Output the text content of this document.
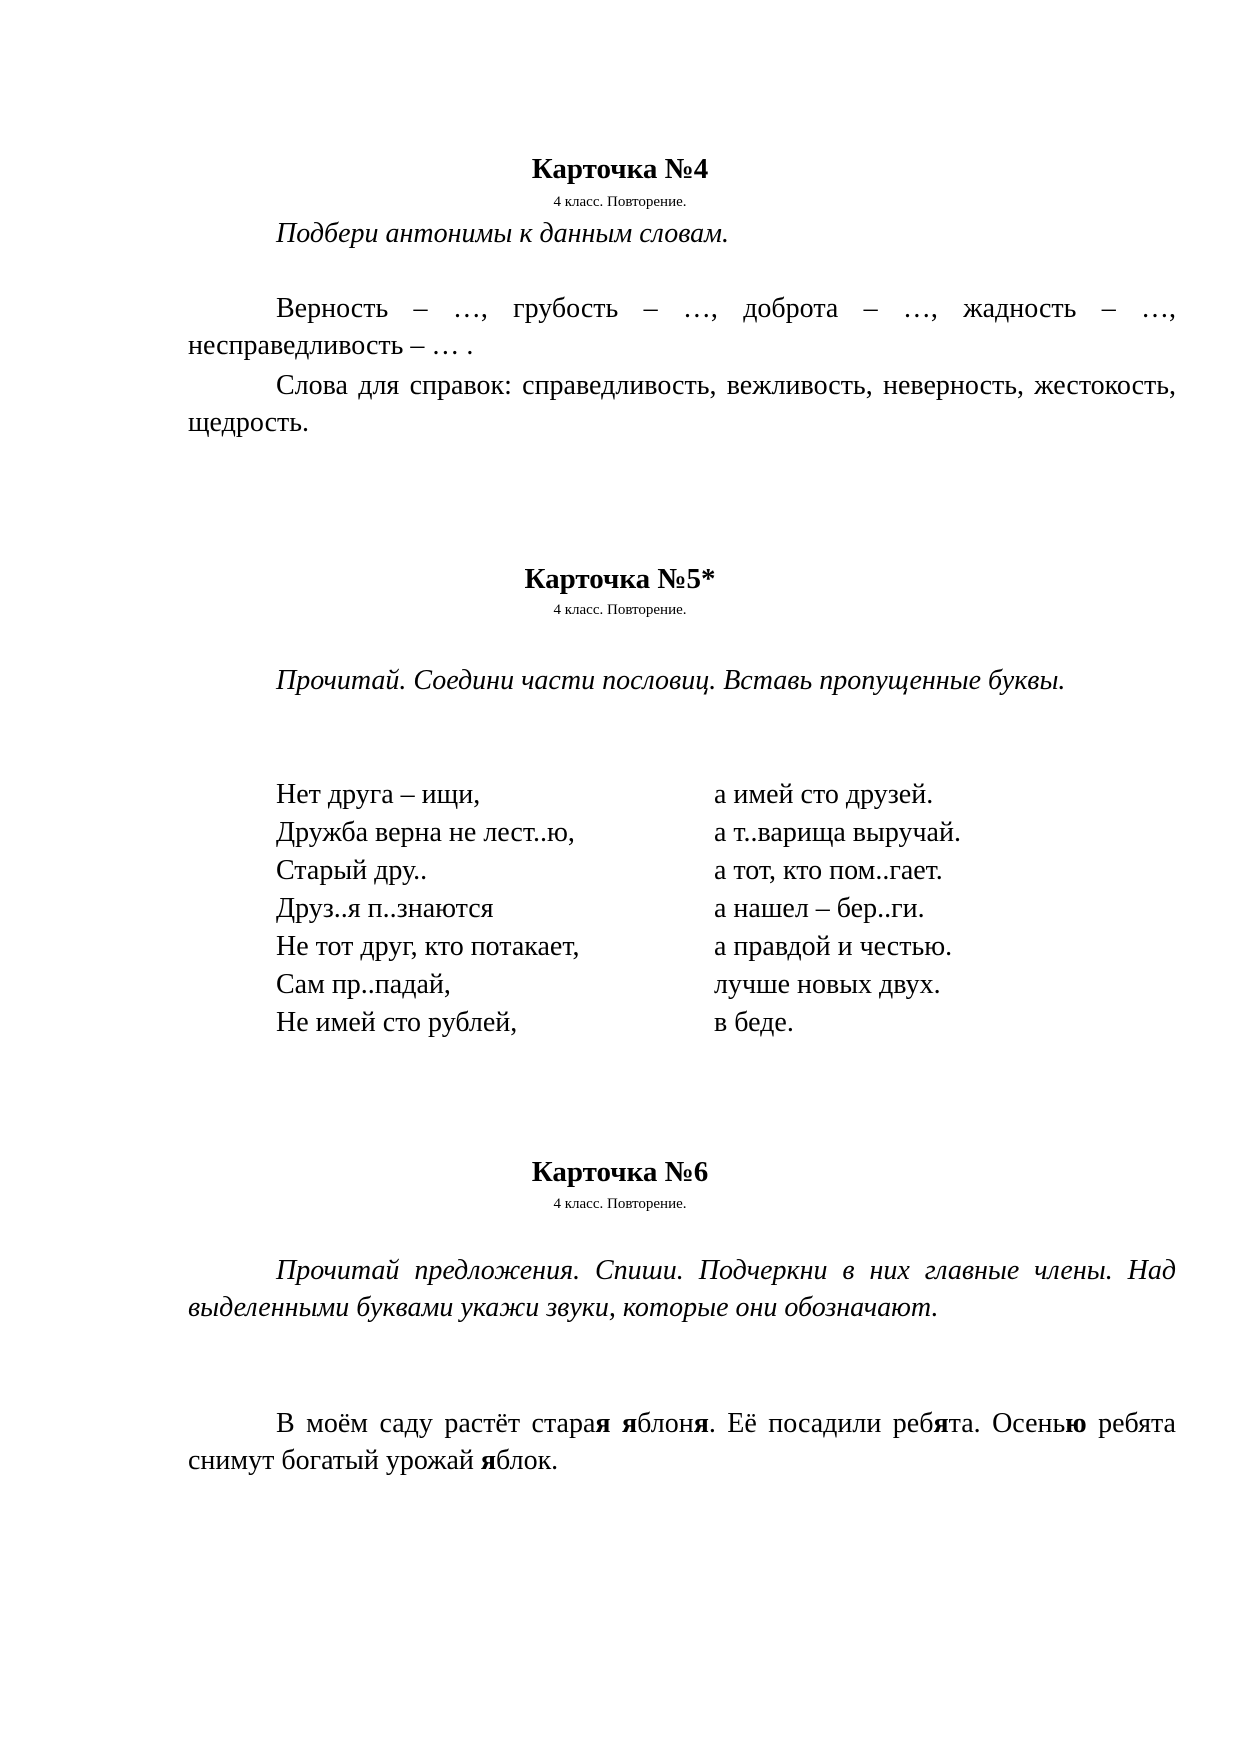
Карточка №4
4 класс. Повторение.
Подбери антонимы к данным словам.
Верность – …, грубость – …, доброта – …, жадность – …, несправедливость – … .
Слова для справок: справедливость, вежливость, неверность, жестокость, щедрость.
Карточка №5*
4 класс. Повторение.
Прочитай. Соедини части пословиц. Вставь пропущенные буквы.
Нет друга – ищи,	а имей сто друзей.
Дружба верна не лест..ю,	а т..варища выручай.
Старый дру..	а тот, кто пом..гает.
Друз..я п..знаются	а нашел – бер..ги.
Не тот друг, кто потакает,	а правдой и честью.
Сам пр..падай,	лучше новых двух.
Не имей сто рублей,	в беде.
Карточка №6
4 класс. Повторение.
Прочитай предложения. Спиши. Подчеркни в них главные члены. Над выделенными буквами укажи звуки, которые они обозначают.
В моём саду растёт старая яблоня. Её посадили ребята. Осенью ребята снимут богатый урожай яблок.
